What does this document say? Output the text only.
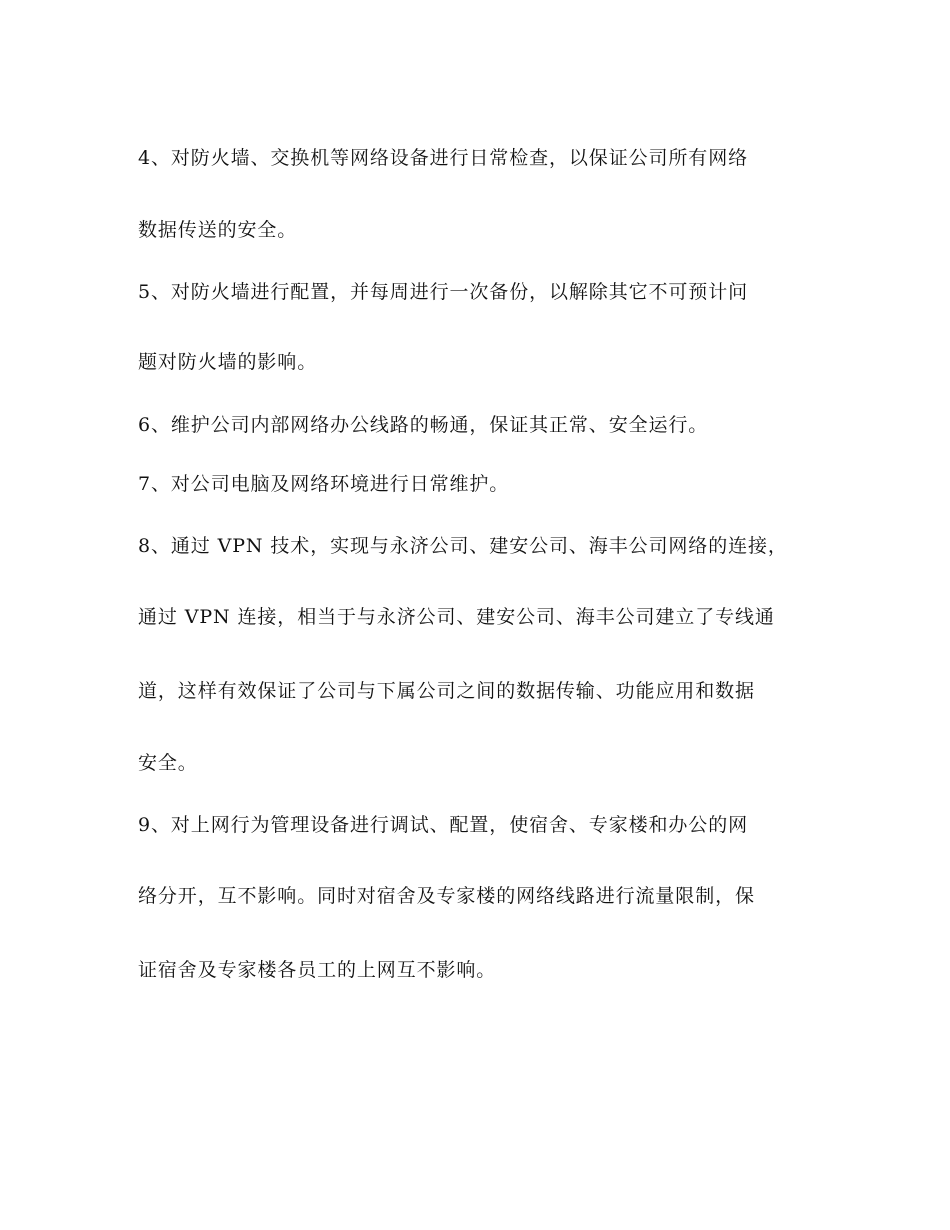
4、对防火墙、交换机等网络设备进行日常检查，以保证公司所有网络
数据传送的安全。
5、对防火墙进行配置，并每周进行一次备份，以解除其它不可预计问
题对防火墙的影响。
6、维护公司内部网络办公线路的畅通，保证其正常、安全运行。
7、对公司电脑及网络环境进行日常维护。
8、通过 VPN 技术，实现与永济公司、建安公司、海丰公司网络的连接，
通过 VPN 连接，相当于与永济公司、建安公司、海丰公司建立了专线通
道，这样有效保证了公司与下属公司之间的数据传输、功能应用和数据
安全。
9、对上网行为管理设备进行调试、配置，使宿舍、专家楼和办公的网
络分开，互不影响。同时对宿舍及专家楼的网络线路进行流量限制，保
证宿舍及专家楼各员工的上网互不影响。
